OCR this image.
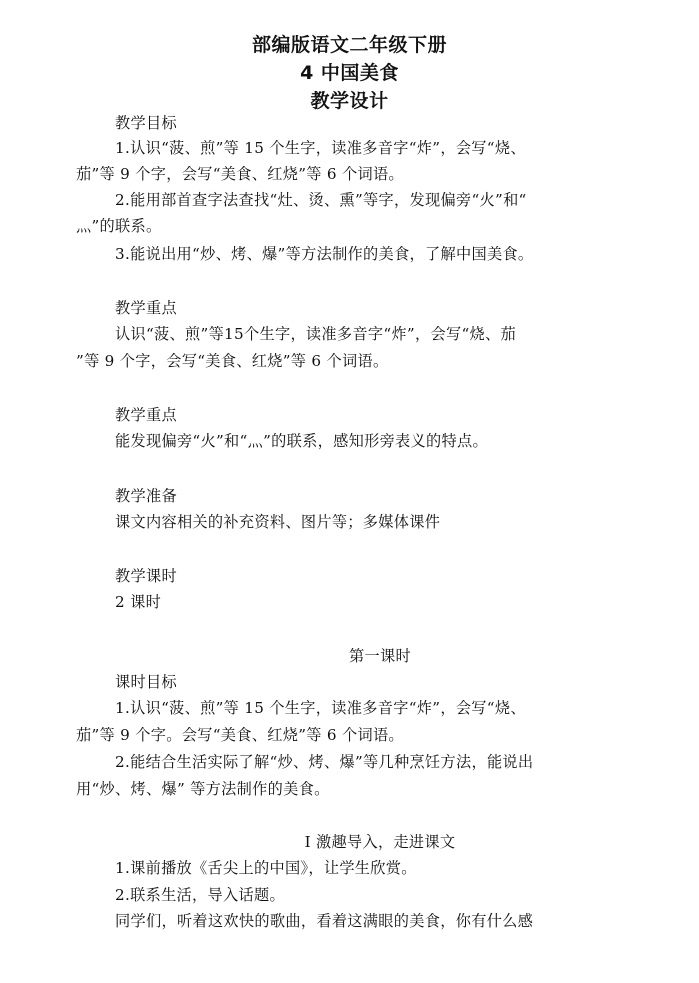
部编版语文二年级下册
4 中国美食
教学设计
教学目标
1.认识“菠、煎”等 15 个生字，读准多音字“炸”，会写“烧、
茄”等 9 个字，会写“美食、红烧”等 6 个词语。
2.能用部首查字法查找“灶、烫、熏”等字，发现偏旁“火”和“
灬”的联系。
3.能说出用“炒、烤、爆”等方法制作的美食，了解中国美食。
教学重点
认识“菠、煎”等15个生字，读准多音字“炸”，会写“烧、茄
”等 9 个字，会写“美食、红烧”等 6 个词语。
教学重点
能发现偏旁“火”和“灬”的联系，感知形旁表义的特点。
教学准备
课文内容相关的补充资料、图片等；多媒体课件
教学课时
2 课时
第一课时
课时目标
1.认识“菠、煎”等 15 个生字，读准多音字“炸”，会写“烧、
茄”等 9 个字。会写“美食、红烧”等 6 个词语。
2.能结合生活实际了解“炒、烤、爆”等几种烹饪方法，能说出
用“炒、烤、爆” 等方法制作的美食。
Ⅰ 激趣导入，走进课文
1.课前播放《舌尖上的中国》，让学生欣赏。
2.联系生活，导入话题。
同学们，听着这欢快的歌曲，看着这满眼的美食，你有什么感
